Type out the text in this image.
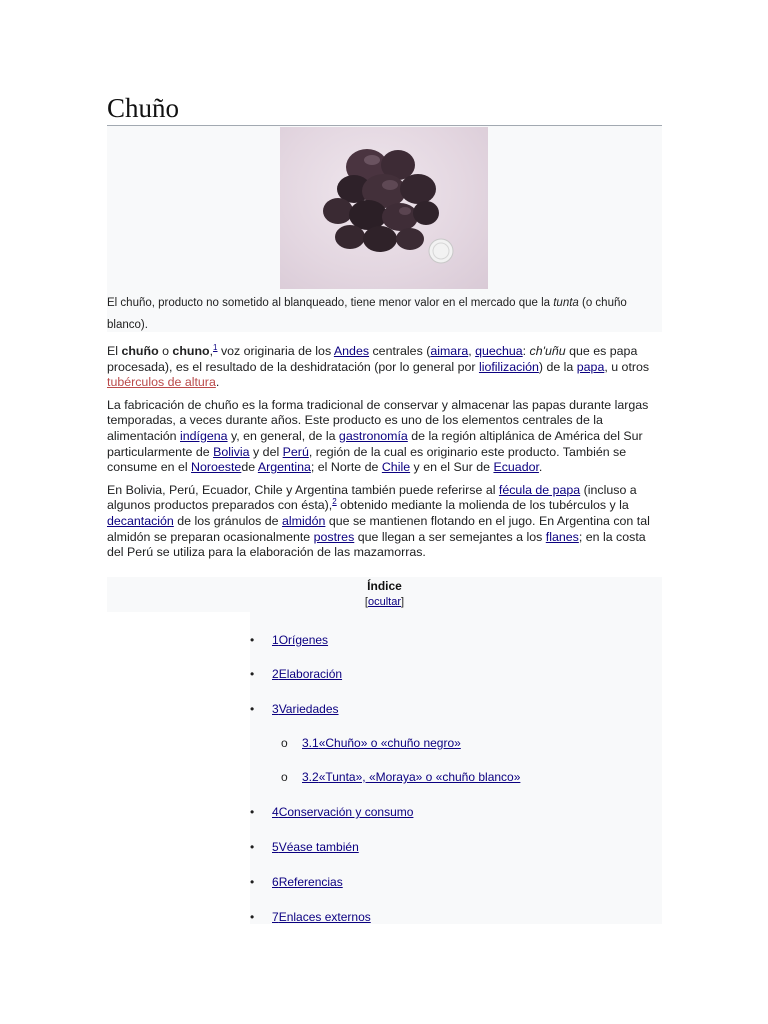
Chuño
El chuño, producto no sometido al blanqueado, tiene menor valor en el mercado que la tunta (o chuño blanco).

El chuño o chuno,$^1$ voz originaria de los Andes centrales (aimara, quechua: ch'uñu que es papa procesada), es el resultado de la deshidratación (por lo general por liofilización) de la papa, u otros tubérculos de altura.

La fabricación de chuño es la forma tradicional de conservar y almacenar las papas durante largas temporadas, a veces durante años. Este producto es uno de los elementos centrales de la alimentación indígena y, en general, de la gastronomía de la región altiplánica de América del Sur particularmente de Bolivia y del Perú, región de la cual es originario este producto. También se consume en el Noroestede Argentina; el Norte de Chile y en el Sur de Ecuador.

En Bolivia, Perú, Ecuador, Chile y Argentina también puede referirse al fécula de papa (incluso a algunos productos preparados con ésta),$^2$ obtenido mediante la molienda de los tubérculos y la decantación de los gránulos de almidón que se mantienen flotando en el jugo. En Argentina con tal almidón se preparan ocasionalmente postres que llegan a ser semejantes a los flanes; en la costa del Perú se utiliza para la elaboración de las mazamorras.

Índice
[ocultar]
• 1Orígenes
• 2Elaboración
• 3Variedades
o 3.1«Chuño» o «chuño negro»
o 3.2«Tunta», «Moraya» o «chuño blanco»
• 4Conservación y consumo
• 5Véase también
• 6Referencias
• 7Enlaces externos
